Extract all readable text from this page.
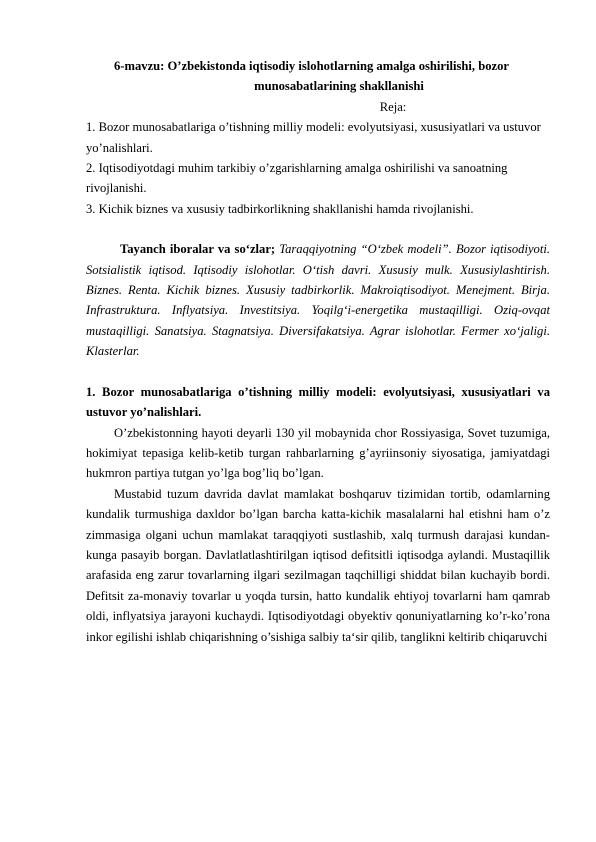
6-mavzu: O’zbekistonda iqtisodiy islohotlarning amalga oshirilishi, bozor
munosabatlarining shakllanishi

Reja:

1. Bozor munosabatlariga o’tishning milliy modeli: evolyutsiyasi, xususiyatlari va ustuvor yo’nalishlari.

2. Iqtisodiyotdagi muhim tarkibiy o’zgarishlarning amalga oshirilishi va sanoatning rivojlanishi.

3. Kichik biznes va xususiy tadbirkorlikning shakllanishi hamda rivojlanishi.

Tayanch iboralar va so‘zlar; Taraqqiyotning “O‘zbek modeli”. Bozor iqtisodiyoti. Sotsialistik iqtisod. Iqtisodiy islohotlar. O‘tish davri. Xususiy mulk. Xususiylashtirish. Biznes. Renta. Kichik biznes. Xususiy tadbirkorlik. Makroiqtisodiyot. Menejment. Birja. Infrastruktura. Inflyatsiya. Investitsiya. Yoqilg‘i-energetika mustaqilligi. Oziq-ovqat mustaqilligi. Sanatsiya. Stagnatsiya. Diversifakatsiya. Agrar islohotlar. Fermer xo‘jaligi. Klasterlar.

1. Bozor munosabatlariga o’tishning milliy modeli: evolyutsiyasi, xususiyatlari va ustuvor yo’nalishlari.

O’zbekistonning hayoti deyarli 130 yil mobaynida chor Rossiyasiga, Sovet tuzumiga, hokimiyat tepasiga kelib-ketib turgan rahbarlarning g’ayriinsoniy siyosatiga, jamiyatdagi hukmron partiya tutgan yo’lga bog’liq bo’lgan.

Mustabid tuzum davrida davlat mamlakat boshqaruv tizimidan tortib, odamlarning kundalik turmushiga daxldor bo’lgan barcha katta-kichik masalalarni hal etishni ham o’z zimmasiga olgani uchun mamlakat taraqqiyoti sustlashib, xalq turmush darajasi kundan-kunga pasayib borgan. Davlatlatlashtirilgan iqtisod defitsitli iqtisodga aylandi. Mustaqillik arafasida eng zarur tovarlarning ilgari sezilmagan taqchilligi shiddat bilan kuchayib bordi. Defitsit za-monaviy tovarlar u yoqda tursin, hatto kundalik ehtiyoj tovarlarni ham qamrab oldi, inflyatsiya jarayoni kuchaydi. Iqtisodiyotdagi obyektiv qonuniyatlarning ko’r-ko’rona inkor egilishi ishlab chiqarishning o’sishiga salbiy ta‘sir qilib, tanglikni keltirib chiqaruvchi
